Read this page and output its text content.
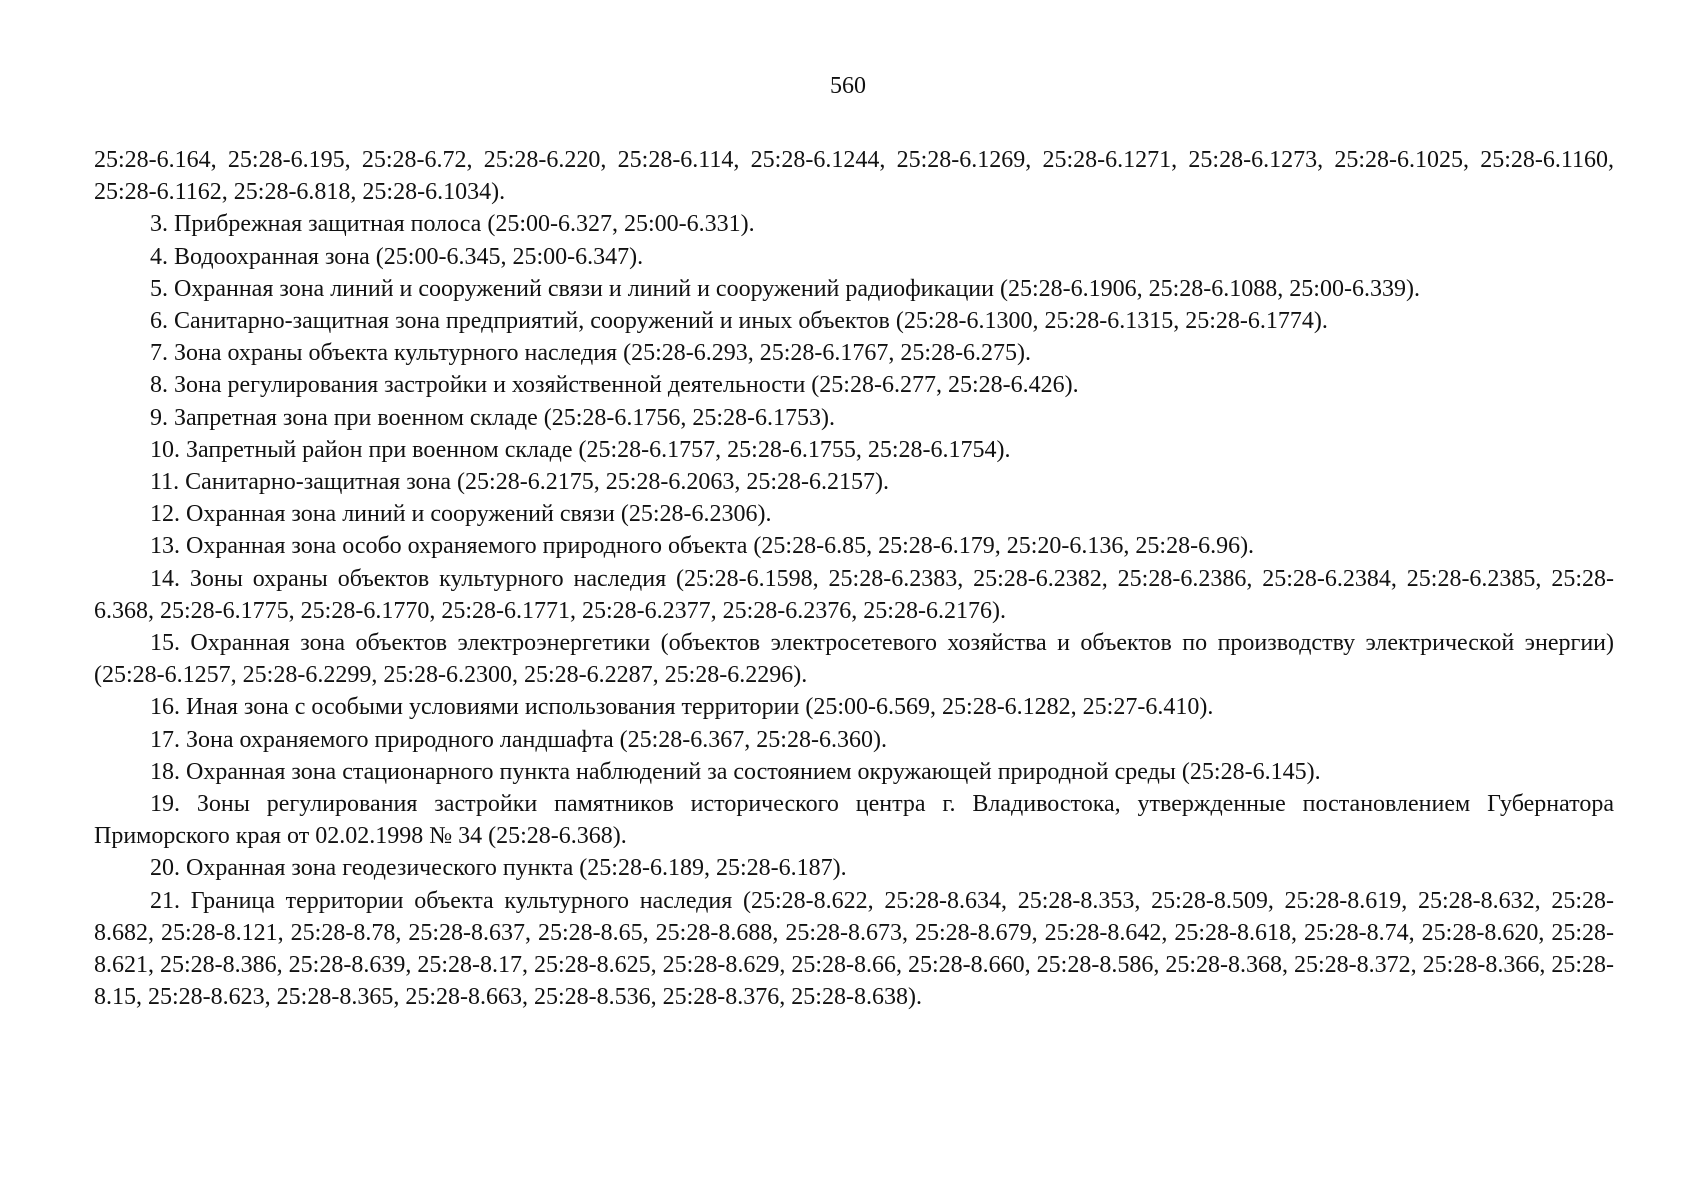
560

25:28-6.164, 25:28-6.195, 25:28-6.72, 25:28-6.220, 25:28-6.114, 25:28-6.1244, 25:28-6.1269, 25:28-6.1271, 25:28-6.1273, 25:28-6.1025, 25:28-6.1160, 25:28-6.1162, 25:28-6.818, 25:28-6.1034).

3. Прибрежная защитная полоса (25:00-6.327, 25:00-6.331).

4. Водоохранная зона (25:00-6.345, 25:00-6.347).

5. Охранная зона линий и сооружений связи и линий и сооружений радиофикации (25:28-6.1906, 25:28-6.1088, 25:00-6.339).

6. Санитарно-защитная зона предприятий, сооружений и иных объектов (25:28-6.1300, 25:28-6.1315, 25:28-6.1774).

7. Зона охраны объекта культурного наследия (25:28-6.293, 25:28-6.1767, 25:28-6.275).

8. Зона регулирования застройки и хозяйственной деятельности (25:28-6.277, 25:28-6.426).

9. Запретная зона при военном складе (25:28-6.1756, 25:28-6.1753).

10. Запретный район при военном складе (25:28-6.1757, 25:28-6.1755, 25:28-6.1754).

11. Санитарно-защитная зона (25:28-6.2175, 25:28-6.2063, 25:28-6.2157).

12. Охранная зона линий и сооружений связи (25:28-6.2306).

13. Охранная зона особо охраняемого природного объекта (25:28-6.85, 25:28-6.179, 25:20-6.136, 25:28-6.96).

14. Зоны охраны объектов культурного наследия (25:28-6.1598, 25:28-6.2383, 25:28-6.2382, 25:28-6.2386, 25:28-6.2384, 25:28-6.2385, 25:28-6.368, 25:28-6.1775, 25:28-6.1770, 25:28-6.1771, 25:28-6.2377, 25:28-6.2376, 25:28-6.2176).

15. Охранная зона объектов электроэнергетики (объектов электросетевого хозяйства и объектов по производству электрической энергии) (25:28-6.1257, 25:28-6.2299, 25:28-6.2300, 25:28-6.2287, 25:28-6.2296).

16. Иная зона с особыми условиями использования территории (25:00-6.569, 25:28-6.1282, 25:27-6.410).

17. Зона охраняемого природного ландшафта (25:28-6.367, 25:28-6.360).

18. Охранная зона стационарного пункта наблюдений за состоянием окружающей природной среды (25:28-6.145).

19. Зоны регулирования застройки памятников исторического центра г. Владивостока, утвержденные постановлением Губернатора Приморского края от 02.02.1998 № 34 (25:28-6.368).

20. Охранная зона геодезического пункта (25:28-6.189, 25:28-6.187).

21. Граница территории объекта культурного наследия (25:28-8.622, 25:28-8.634, 25:28-8.353, 25:28-8.509, 25:28-8.619, 25:28-8.632, 25:28-8.682, 25:28-8.121, 25:28-8.78, 25:28-8.637, 25:28-8.65, 25:28-8.688, 25:28-8.673, 25:28-8.679, 25:28-8.642, 25:28-8.618, 25:28-8.74, 25:28-8.620, 25:28-8.621, 25:28-8.386, 25:28-8.639, 25:28-8.17, 25:28-8.625, 25:28-8.629, 25:28-8.66, 25:28-8.660, 25:28-8.586, 25:28-8.368, 25:28-8.372, 25:28-8.366, 25:28-8.15, 25:28-8.623, 25:28-8.365, 25:28-8.663, 25:28-8.536, 25:28-8.376, 25:28-8.638).
